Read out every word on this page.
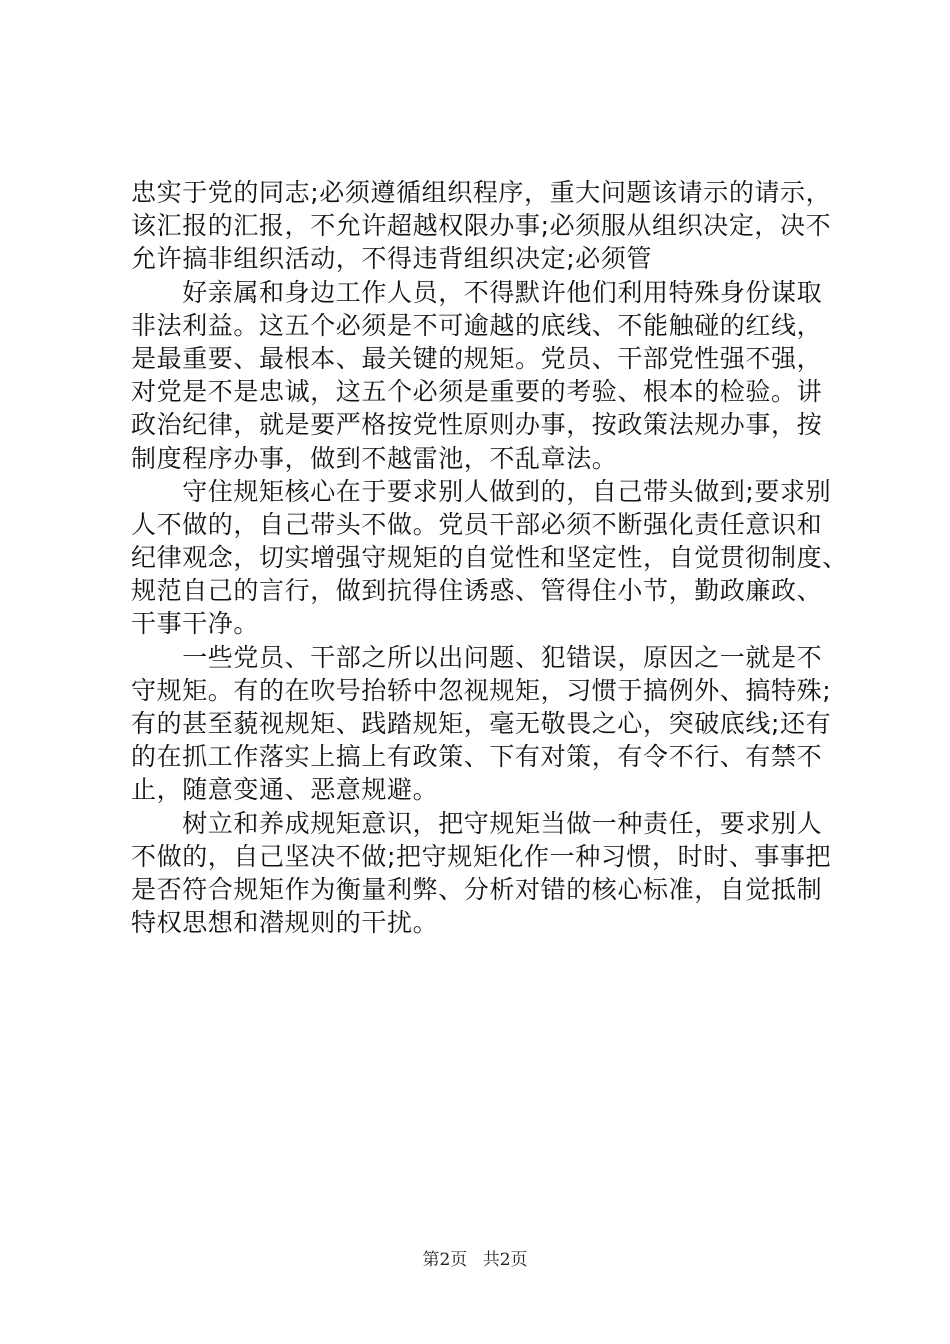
忠实于党的同志;必须遵循组织程序，重大问题该请示的请示，
该汇报的汇报，不允许超越权限办事;必须服从组织决定，决不
允许搞非组织活动，不得违背组织决定;必须管

　　好亲属和身边工作人员，不得默许他们利用特殊身份谋取
非法利益。这五个必须是不可逾越的底线、不能触碰的红线，
是最重要、最根本、最关键的规矩。党员、干部党性强不强，
对党是不是忠诚，这五个必须是重要的考验、根本的检验。讲
政治纪律，就是要严格按党性原则办事，按政策法规办事，按
制度程序办事，做到不越雷池，不乱章法。

　　守住规矩核心在于要求别人做到的，自己带头做到;要求别
人不做的，自己带头不做。党员干部必须不断强化责任意识和
纪律观念，切实增强守规矩的自觉性和坚定性，自觉贯彻制度、
规范自己的言行，做到抗得住诱惑、管得住小节，勤政廉政、
干事干净。

　　一些党员、干部之所以出问题、犯错误，原因之一就是不
守规矩。有的在吹号抬轿中忽视规矩，习惯于搞例外、搞特殊;
有的甚至藐视规矩、践踏规矩，毫无敬畏之心，突破底线;还有
的在抓工作落实上搞上有政策、下有对策，有令不行、有禁不
止，随意变通、恶意规避。

　　树立和养成规矩意识，把守规矩当做一种责任，要求别人
不做的，自己坚决不做;把守规矩化作一种习惯，时时、事事把
是否符合规矩作为衡量利弊、分析对错的核心标准，自觉抵制
特权思想和潜规则的干扰。

第2页 共2页
